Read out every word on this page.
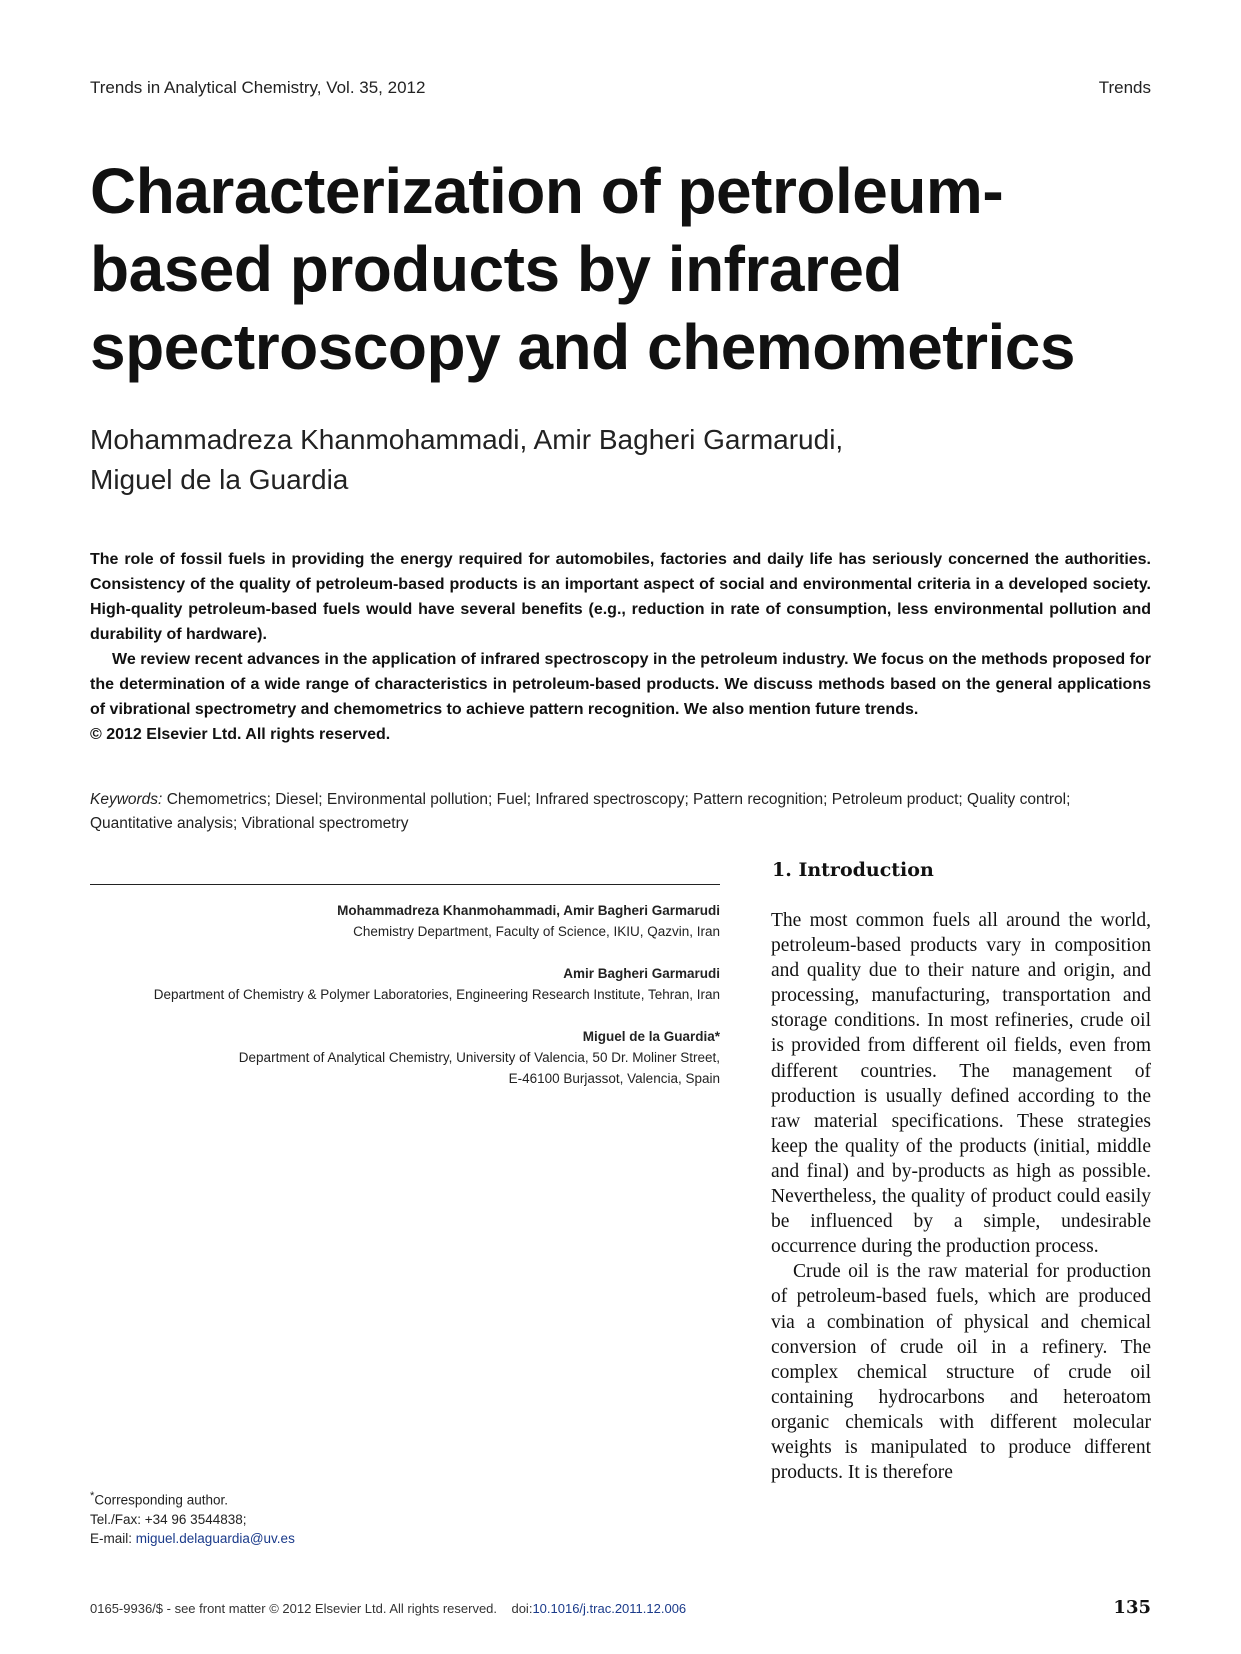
Trends in Analytical Chemistry, Vol. 35, 2012	Trends
Characterization of petroleum-based products by infrared spectroscopy and chemometrics
Mohammadreza Khanmohammadi, Amir Bagheri Garmarudi,
Miguel de la Guardia

The role of fossil fuels in providing the energy required for automobiles, factories and daily life has seriously concerned the authorities. Consistency of the quality of petroleum-based products is an important aspect of social and environmental criteria in a developed society. High-quality petroleum-based fuels would have several benefits (e.g., reduction in rate of consumption, less environmental pollution and durability of hardware).

We review recent advances in the application of infrared spectroscopy in the petroleum industry. We focus on the methods proposed for the determination of a wide range of characteristics in petroleum-based products. We discuss methods based on the general applications of vibrational spectrometry and chemometrics to achieve pattern recognition. We also mention future trends.

© 2012 Elsevier Ltd. All rights reserved.

Keywords: Chemometrics; Diesel; Environmental pollution; Fuel; Infrared spectroscopy; Pattern recognition; Petroleum product; Quality control; Quantitative analysis; Vibrational spectrometry
Mohammadreza Khanmohammadi, Amir Bagheri Garmarudi
Chemistry Department, Faculty of Science, IKIU, Qazvin, Iran
Amir Bagheri Garmarudi
Department of Chemistry & Polymer Laboratories, Engineering Research Institute, Tehran, Iran
Miguel de la Guardia*
Department of Analytical Chemistry, University of Valencia, 50 Dr. Moliner Street,
E-46100 Burjassot, Valencia, Spain
*Corresponding author.
Tel./Fax: +34 96 3544838;
E-mail: miguel.delaguardia@uv.es
1. Introduction

The most common fuels all around the world, petroleum-based products vary in composition and quality due to their nature and origin, and processing, manufacturing, transportation and storage conditions. In most refineries, crude oil is provided from different oil fields, even from different countries. The management of production is usually defined according to the raw material specifications. These strategies keep the quality of the products (initial, middle and final) and by-products as high as possible. Nevertheless, the quality of product could easily be influenced by a simple, undesirable occurrence during the production process.

Crude oil is the raw material for production of petroleum-based fuels, which are produced via a combination of physical and chemical conversion of crude oil in a refinery. The complex chemical structure of crude oil containing hydrocarbons and heteroatom organic chemicals with different molecular weights is manipulated to produce different products. It is therefore

0165-9936/$ - see front matter © 2012 Elsevier Ltd. All rights reserved. doi:10.1016/j.trac.2011.12.006	135
